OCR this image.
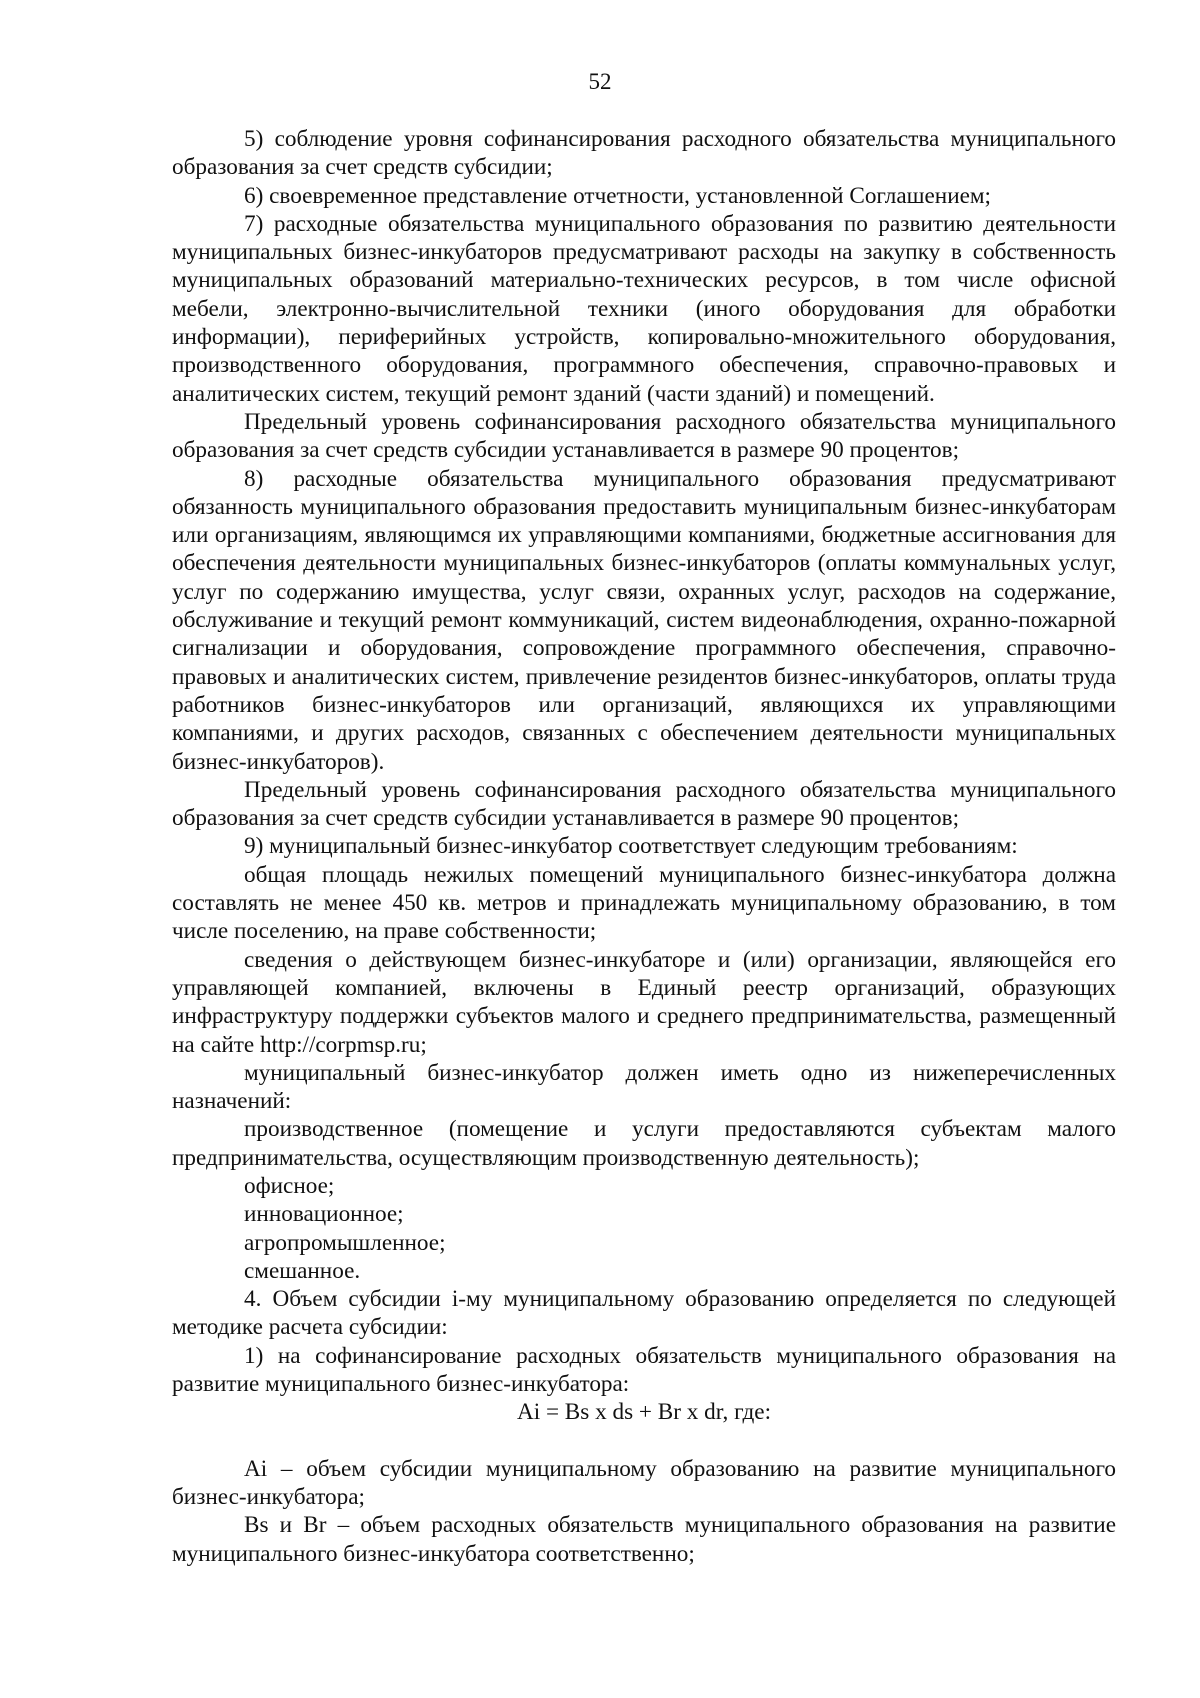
52

5) соблюдение уровня софинансирования расходного обязательства муниципального образования за счет средств субсидии;

6) своевременное представление отчетности, установленной Соглашением;

7) расходные обязательства муниципального образования по развитию деятельности муниципальных бизнес-инкубаторов предусматривают расходы на закупку в собственность муниципальных образований материально-технических ресурсов, в том числе офисной мебели, электронно-вычислительной техники (иного оборудования для обработки информации), периферийных устройств, копировально-множительного оборудования, производственного оборудования, программного обеспечения, справочно-правовых и аналитических систем, текущий ремонт зданий (части зданий) и помещений.

Предельный уровень софинансирования расходного обязательства муниципального образования за счет средств субсидии устанавливается в размере 90 процентов;

8) расходные обязательства муниципального образования предусматривают обязанность муниципального образования предоставить муниципальным бизнес-инкубаторам или организациям, являющимся их управляющими компаниями, бюджетные ассигнования для обеспечения деятельности муниципальных бизнес-инкубаторов (оплаты коммунальных услуг, услуг по содержанию имущества, услуг связи, охранных услуг, расходов на содержание, обслуживание и текущий ремонт коммуникаций, систем видеонаблюдения, охранно-пожарной сигнализации и оборудования, сопровождение программного обеспечения, справочно-правовых и аналитических систем, привлечение резидентов бизнес-инкубаторов, оплаты труда работников бизнес-инкубаторов или организаций, являющихся их управляющими компаниями, и других расходов, связанных с обеспечением деятельности муниципальных бизнес-инкубаторов).

Предельный уровень софинансирования расходного обязательства муниципального образования за счет средств субсидии устанавливается в размере 90 процентов;

9) муниципальный бизнес-инкубатор соответствует следующим требованиям:

общая площадь нежилых помещений муниципального бизнес-инкубатора должна составлять не менее 450 кв. метров и принадлежать муниципальному образованию, в том числе поселению, на праве собственности;

сведения о действующем бизнес-инкубаторе и (или) организации, являющейся его управляющей компанией, включены в Единый реестр организаций, образующих инфраструктуру поддержки субъектов малого и среднего предпринимательства, размещенный на сайте http://corpmsp.ru;

муниципальный бизнес-инкубатор должен иметь одно из нижеперечисленных назначений:

производственное (помещение и услуги предоставляются субъектам малого предпринимательства, осуществляющим производственную деятельность);

офисное;

инновационное;

агропромышленное;

смешанное.

4. Объем субсидии i-му муниципальному образованию определяется по следующей методике расчета субсидии:

1) на софинансирование расходных обязательств муниципального образования на развитие муниципального бизнес-инкубатора:

Ai = Bs x ds + Br x dr, где:

Ai – объем субсидии муниципальному образованию на развитие муниципального бизнес-инкубатора;

Bs и Br – объем расходных обязательств муниципального образования на развитие муниципального бизнес-инкубатора соответственно;
